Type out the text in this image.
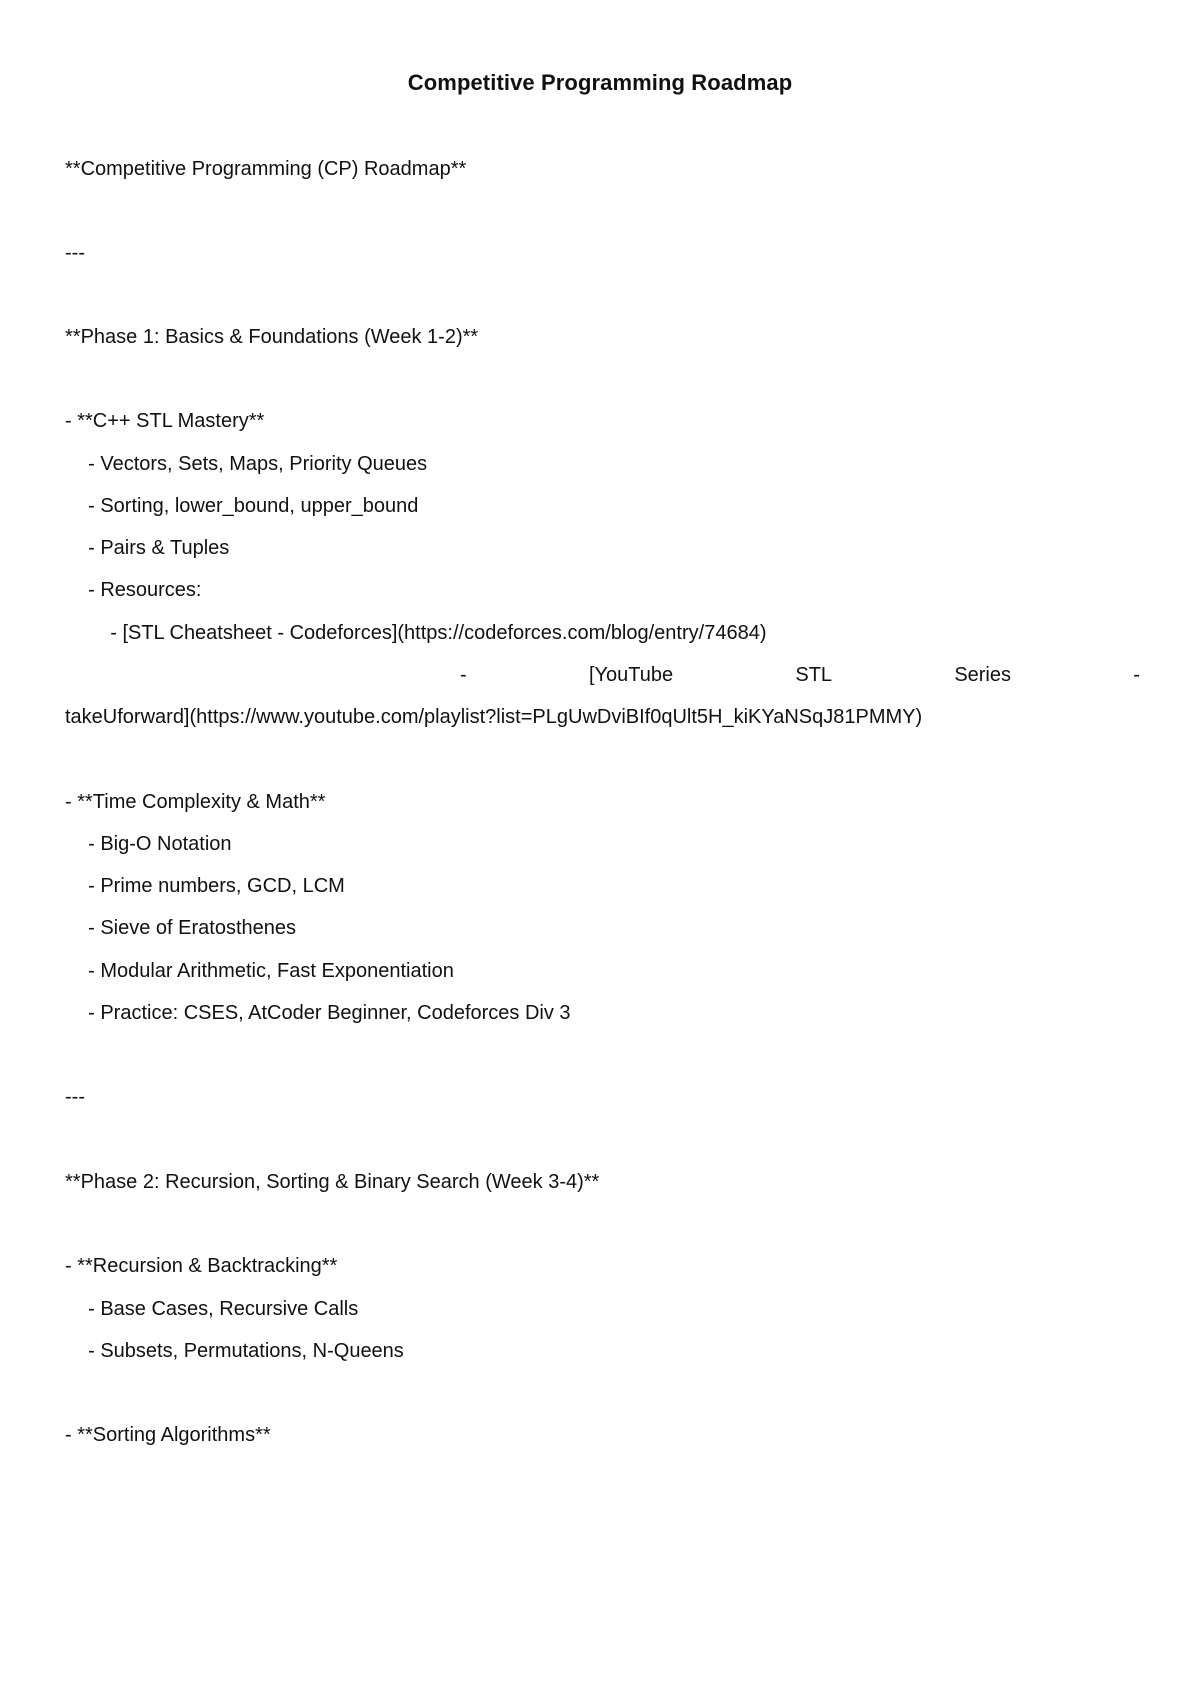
Competitive Programming Roadmap
**Competitive Programming (CP) Roadmap**
---
**Phase 1: Basics & Foundations (Week 1-2)**
- **C++ STL Mastery**
- Vectors, Sets, Maps, Priority Queues
- Sorting, lower_bound, upper_bound
- Pairs & Tuples
- Resources:
- [STL Cheatsheet - Codeforces](https://codeforces.com/blog/entry/74684)
-	[YouTube	STL	Series	-
takeUforward](https://www.youtube.com/playlist?list=PLgUwDviBIf0qUlt5H_kiKYaNSqJ81PMMY)
- **Time Complexity & Math**
- Big-O Notation
- Prime numbers, GCD, LCM
- Sieve of Eratosthenes
- Modular Arithmetic, Fast Exponentiation
- Practice: CSES, AtCoder Beginner, Codeforces Div 3
---
**Phase 2: Recursion, Sorting & Binary Search (Week 3-4)**
- **Recursion & Backtracking**
- Base Cases, Recursive Calls
- Subsets, Permutations, N-Queens
- **Sorting Algorithms**
